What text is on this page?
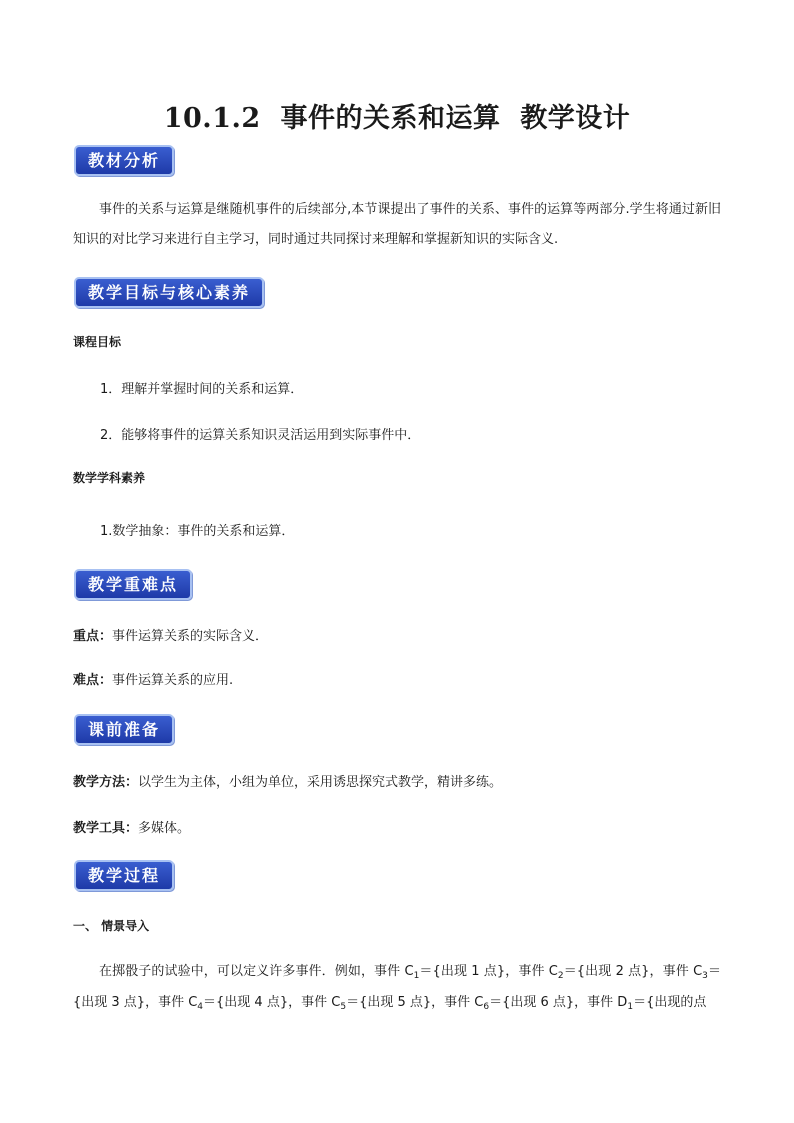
10.1.2  事件的关系和运算  教学设计
教材分析

事件的关系与运算是继随机事件的后续部分,本节课提出了事件的关系、事件的运算等两部分.学生将通过新旧知识的对比学习来进行自主学习，同时通过共同探讨来理解和掌握新知识的实际含义.

教学目标与核心素养

课程目标

1．理解并掌握时间的关系和运算．

2．能够将事件的运算关系知识灵活运用到实际事件中．

数学学科素养

1.数学抽象：事件的关系和运算．

教学重难点

重点：事件运算关系的实际含义．

难点：事件运算关系的应用.

课前准备

教学方法：以学生为主体，小组为单位，采用诱思探究式教学，精讲多练。

教学工具：多媒体。

教学过程

一、 情景导入

在掷骰子的试验中，可以定义许多事件．例如，事件 $C_1=${出现 1 点}，事件 $C_2=${出现 2 点}，事件 $C_3=${出现 3 点}，事件 $C_4=${出现 4 点}，事件 $C_5=${出现 5 点}，事件 $C_6=${出现 6 点}，事件 $D_1=${出现的点
